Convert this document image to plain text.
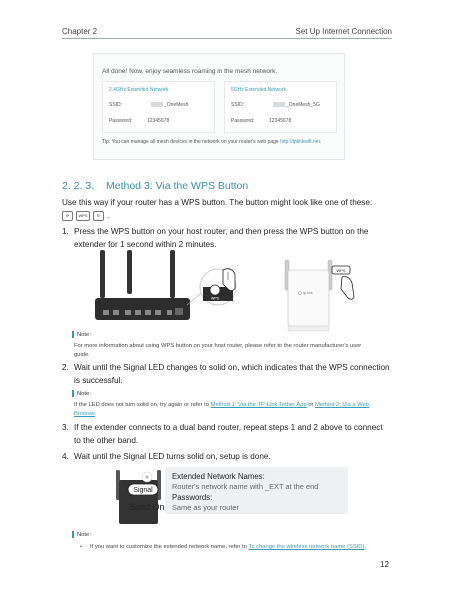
Chapter 2	Set Up Internet Connection
All done! Now, enjoy seamless roaming in the mesh network.
2.4GHz Extended Network
SSID:	_OneMesh
Password:	12345678
5GHz Extended Network
SSID:	_OneMesh_5G
Password:	12345678
Tip: You can manage all mesh devices in the network on your router's web page http://tplinkwifi.net.
2. 2. 3. Method 3: Via the WPS Button
Use this way if your router has a WPS button. The button might look like one of these:
⟳ WPS ↻ .
1. Press the WPS button on your host router, and then press the WPS button on the
extender for 1 second within 2 minutes.
WPS
tp-link
WPS
Note:
For more information about using WPS button on your host router, please refer to the router manufacturer's user
guide.
2. Wait until the Signal LED changes to solid on, which indicates that the WPS connection
is successful.
Note:
If the LED does not turn solid on, try again or refer to Method 1: Via the TP-Link Tether App or Method 2: Via a Web
Browser.
3. If the extender connects to a dual band router, repeat steps 1 and 2 above to connect
to the other band.
4. Wait until the Signal LED turns solid on, setup is done.
Signal
Solid On
Extended Network Names:
Router's network name with _EXT at the end
Passwords:
Same as your router
Note:
• If you want to customize the extended network name, refer to To change the wireless network name (SSID).
12
